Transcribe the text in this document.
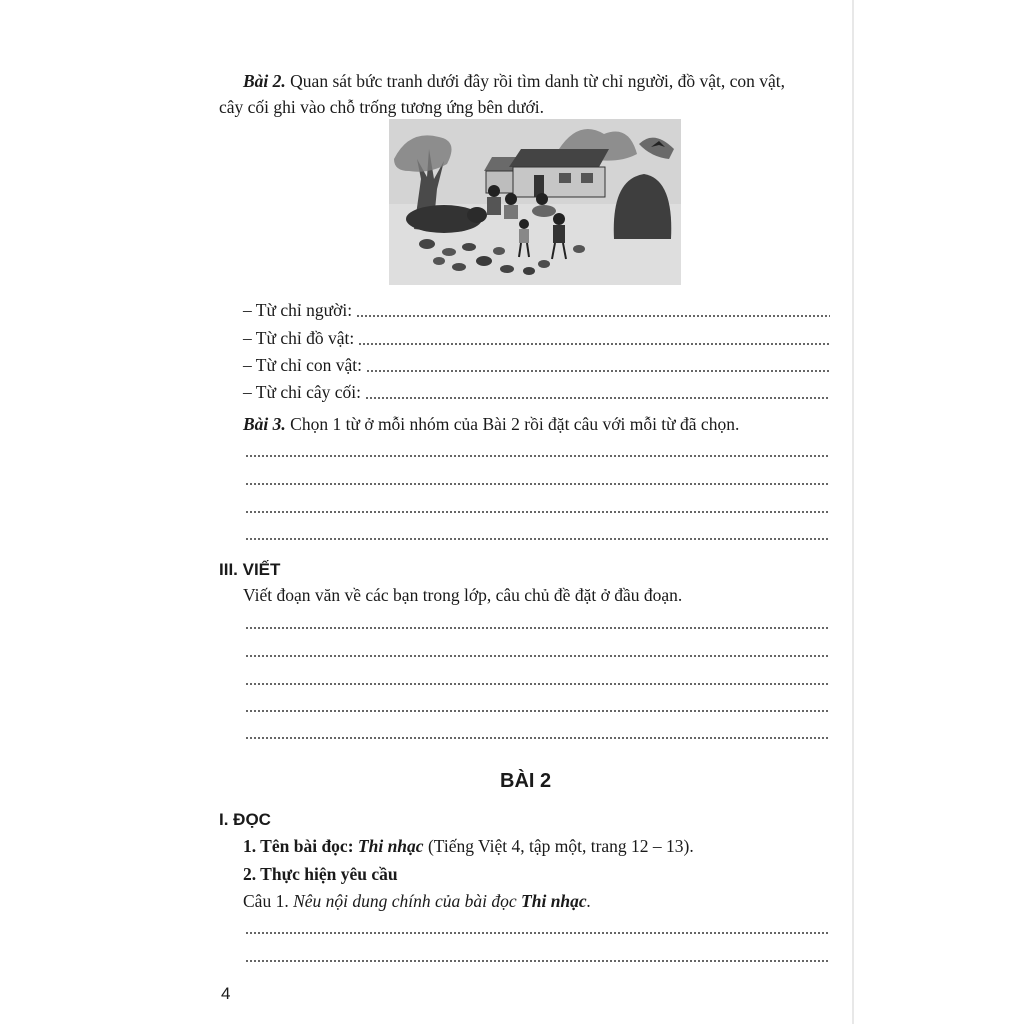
Bài 2. Quan sát bức tranh dưới đây rồi tìm danh từ chỉ người, đồ vật, con vật,
cây cối ghi vào chỗ trống tương ứng bên dưới.
– Từ chỉ người:
– Từ chỉ đồ vật:
– Từ chỉ con vật:
– Từ chỉ cây cối:
Bài 3. Chọn 1 từ ở mỗi nhóm của Bài 2 rồi đặt câu với mỗi từ đã chọn.
III. VIẾT
Viết đoạn văn về các bạn trong lớp, câu chủ đề đặt ở đầu đoạn.
BÀI 2
I. ĐỌC
1. Tên bài đọc: Thi nhạc (Tiếng Việt 4, tập một, trang 12 – 13).
2. Thực hiện yêu cầu
Câu 1. Nêu nội dung chính của bài đọc Thi nhạc.
4
